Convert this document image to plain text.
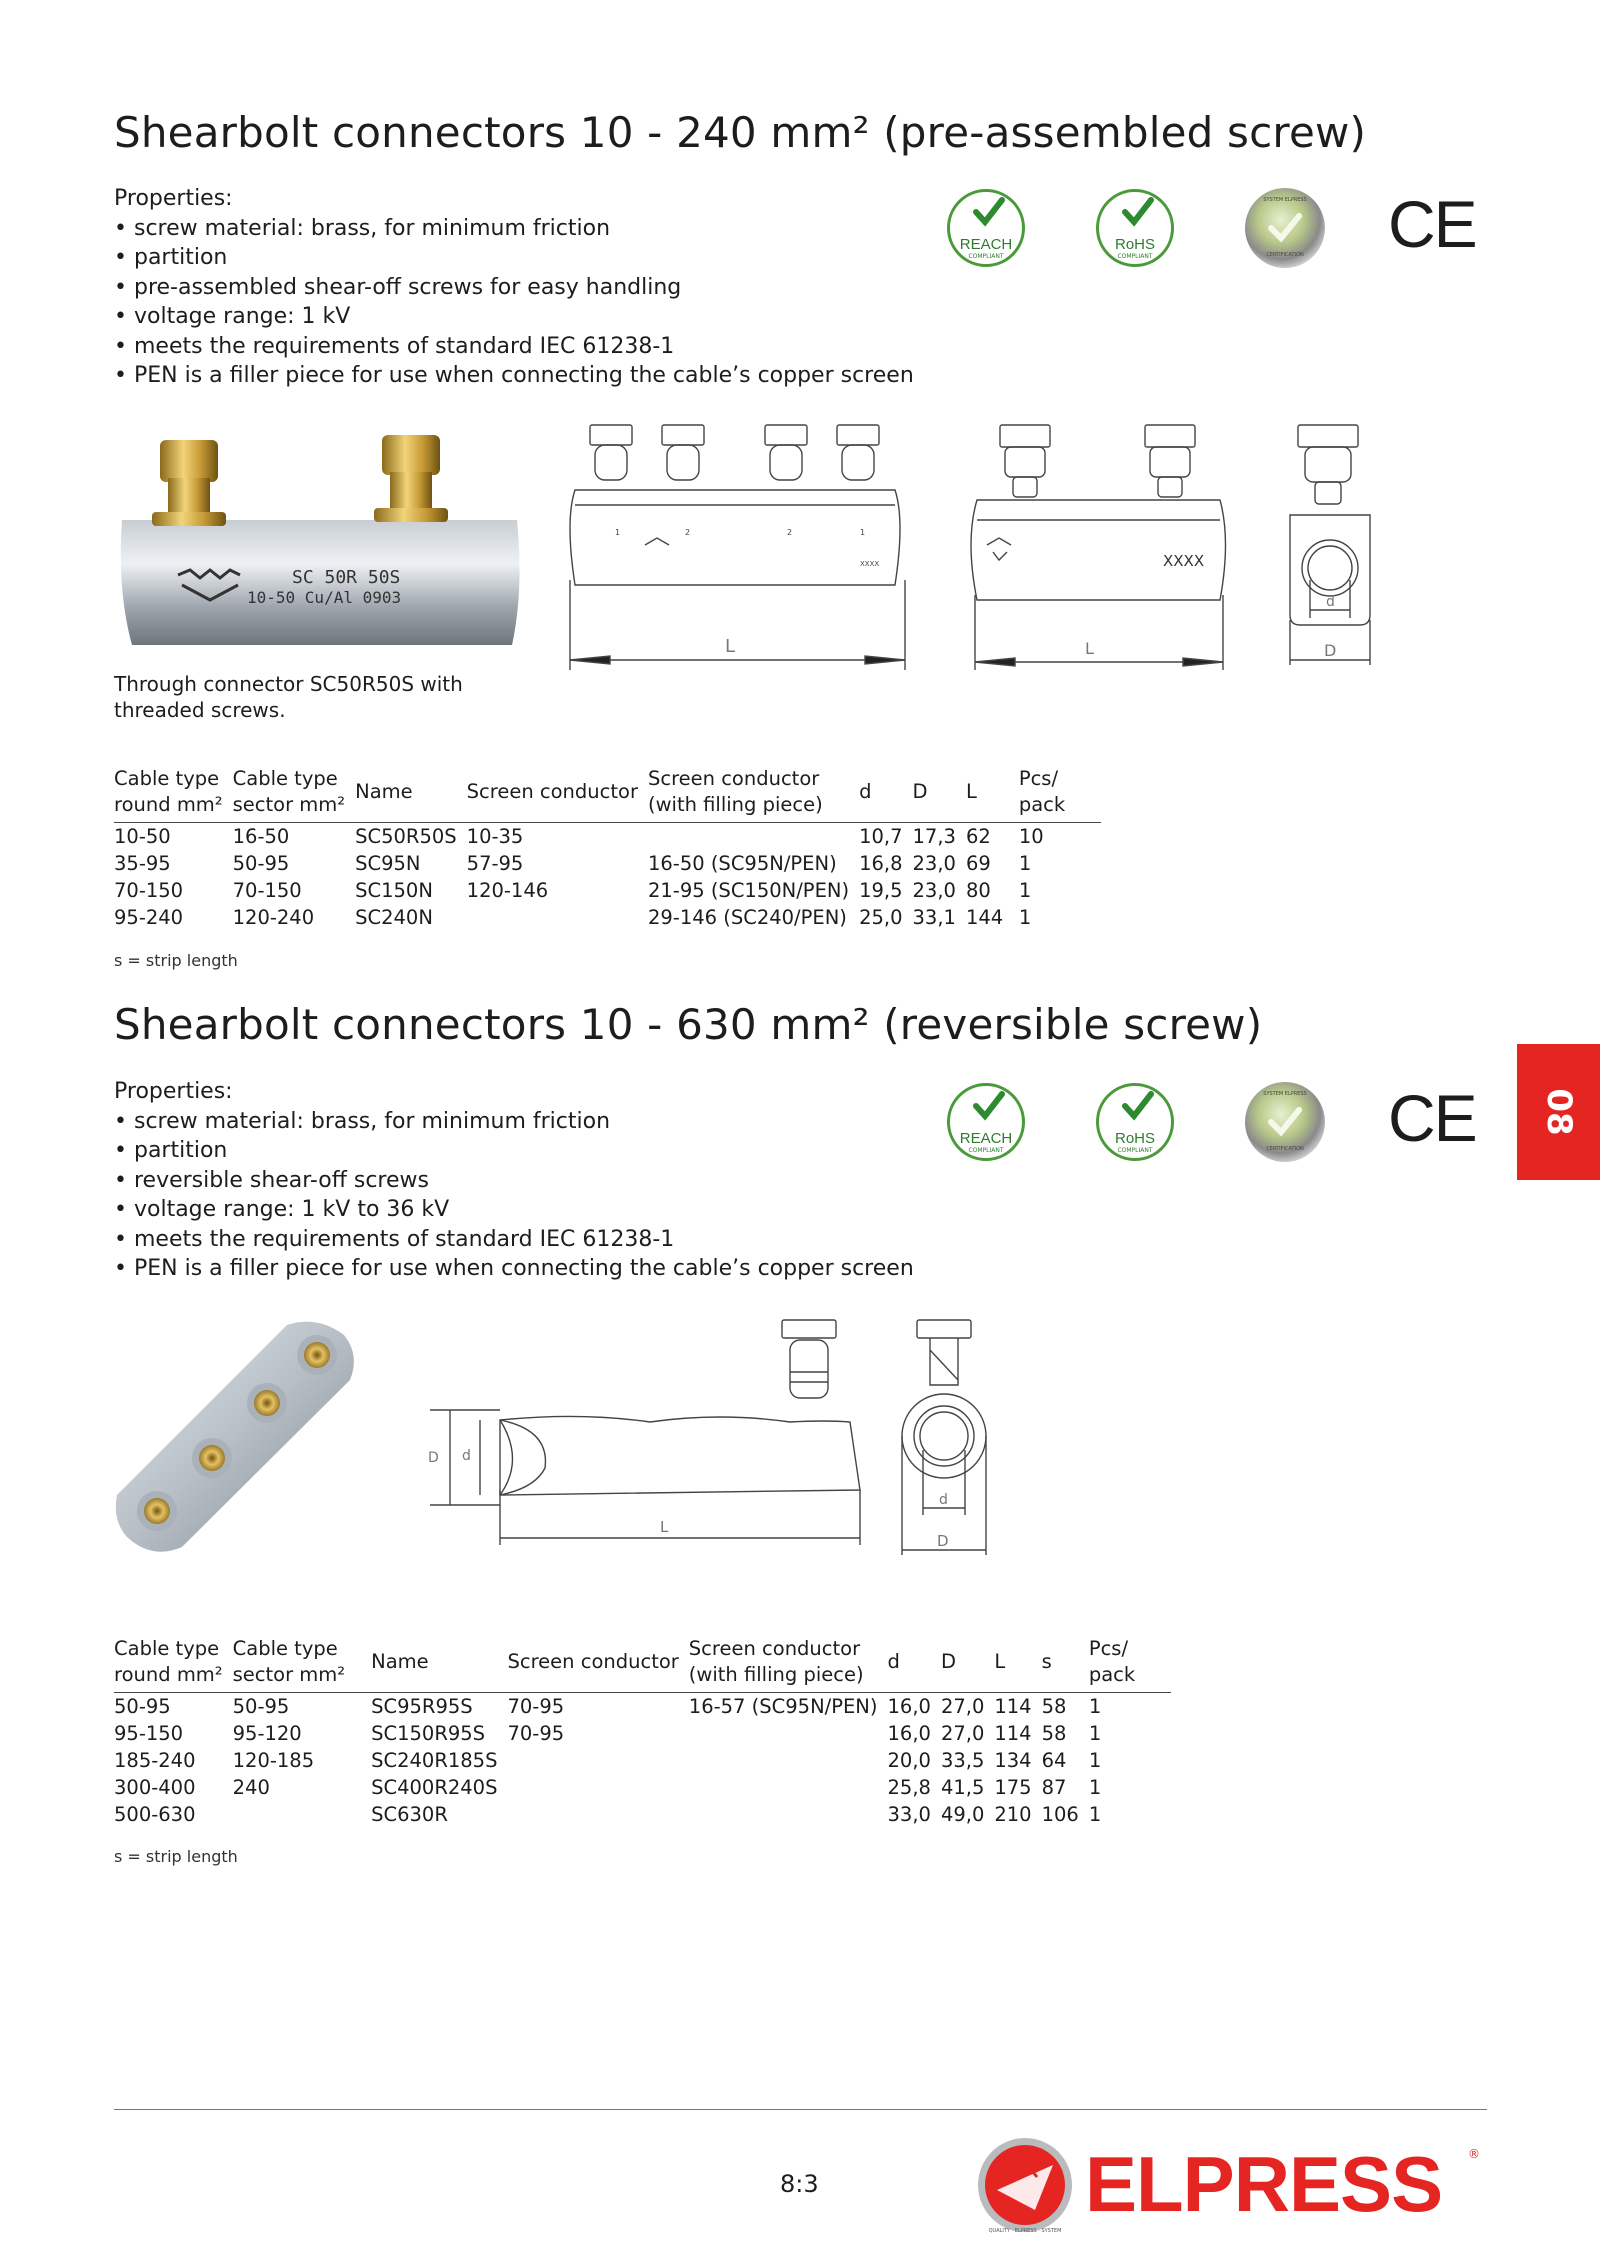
Shearbolt connectors 10 - 240 mm² (pre-assembled screw)
Properties:
• screw material: brass, for minimum friction
• partition
• pre-assembled shear-off screws for easy handling
• voltage range: 1 kV
• meets the requirements of standard IEC 61238-1
• PEN is a filler piece for use when connecting the cable’s copper screen
REACH
COMPLIANT
RoHS
COMPLIANT
SYSTEM ELPRESS
CERTIFICATION	CE
SC 50R 50S
10-50 Cu/Al 0903
Through connector SC50R50S with threaded screws.
1	2	2	1
XXXX
L
XXXX
L
d
D
Cable type
round mm²	Cable type
sector mm²	Name	Screen conductor	Screen conductor
(with filling piece)	d	D	L	Pcs/
pack
10-50	16-50	SC50R50S	10-35		10,7	17,3	62	10
35-95	50-95	SC95N	57-95	16-50 (SC95N/PEN)	16,8	23,0	69	1
70-150	70-150	SC150N	120-146	21-95 (SC150N/PEN)	19,5	23,0	80	1
95-240	120-240	SC240N		29-146 (SC240/PEN)	25,0	33,1	144	1
s = strip length
Shearbolt connectors 10 - 630 mm² (reversible screw)
Properties:
• screw material: brass, for minimum friction
• partition
• reversible shear-off screws
• voltage range: 1 kV to 36 kV
• meets the requirements of standard IEC 61238-1
• PEN is a filler piece for use when connecting the cable’s copper screen
REACH
COMPLIANT
RoHS
COMPLIANT
SYSTEM ELPRESS
CERTIFICATION	CE
D d
L
d
D
Cable type
round mm²	Cable type
sector mm²	Name	Screen conductor	Screen conductor
(with filling piece)	d	D	L	s	Pcs/
pack
50-95	50-95	SC95R95S	70-95	16-57 (SC95N/PEN)	16,0	27,0	114	58	1
95-150	95-120	SC150R95S	70-95		16,0	27,0	114	58	1
185-240	120-185	SC240R185S			20,0	33,5	134	64	1
300-400	240	SC400R240S			25,8	41,5	175	87	1
500-630		SC630R			33,0	49,0	210	106	1
s = strip length
08
8:3
QUALITY · ELPRESS · SYSTEM
ELPRESS ®
